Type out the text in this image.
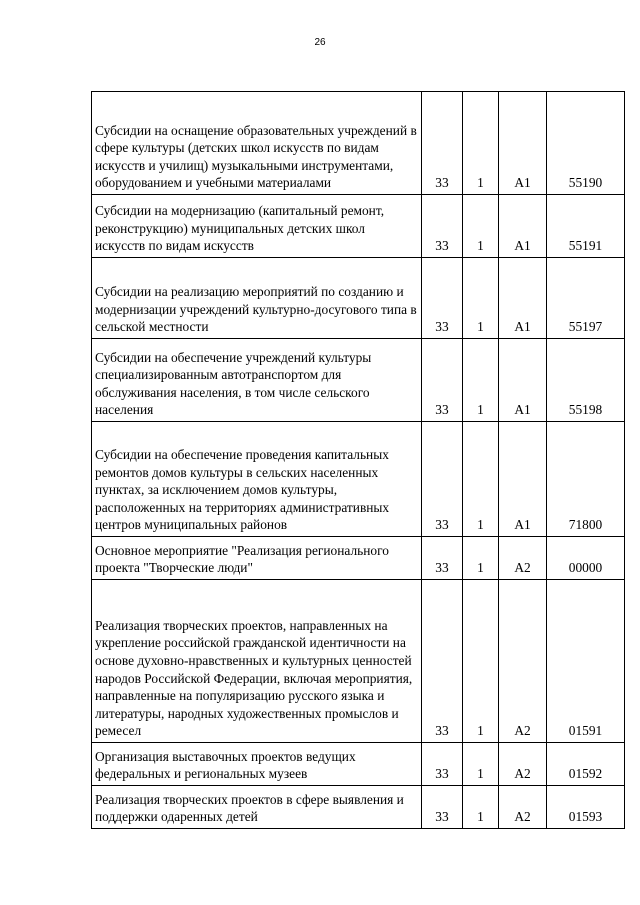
26
Субсидии на оснащение образовательных учреждений в сфере культуры (детских школ искусств по видам искусств и училищ) музыкальными инструментами, оборудованием и учебными материалами	33	1	A1	55190
Субсидии на модернизацию (капитальный ремонт, реконструкцию) муниципальных детских школ искусств по видам искусств	33	1	A1	55191
Субсидии на реализацию мероприятий по созданию и модернизации учреждений культурно-досугового типа в сельской местности	33	1	A1	55197
Субсидии на обеспечение учреждений культуры специализированным автотранспортом для обслуживания населения, в том числе сельского населения	33	1	A1	55198
Субсидии на обеспечение проведения капитальных ремонтов домов культуры в сельских населенных пунктах, за исключением домов культуры, расположенных на территориях административных центров муниципальных районов	33	1	A1	71800
Основное мероприятие "Реализация регионального проекта "Творческие люди"	33	1	A2	00000
Реализация творческих проектов, направленных на укрепление российской гражданской идентичности на основе духовно-нравственных и культурных ценностей народов Российской Федерации, включая мероприятия, направленные на популяризацию русского языка и литературы, народных художественных промыслов и ремесел	33	1	A2	01591
Организация выставочных проектов ведущих федеральных и региональных музеев	33	1	A2	01592
Реализация творческих проектов в сфере выявления и поддержки одаренных детей	33	1	A2	01593
